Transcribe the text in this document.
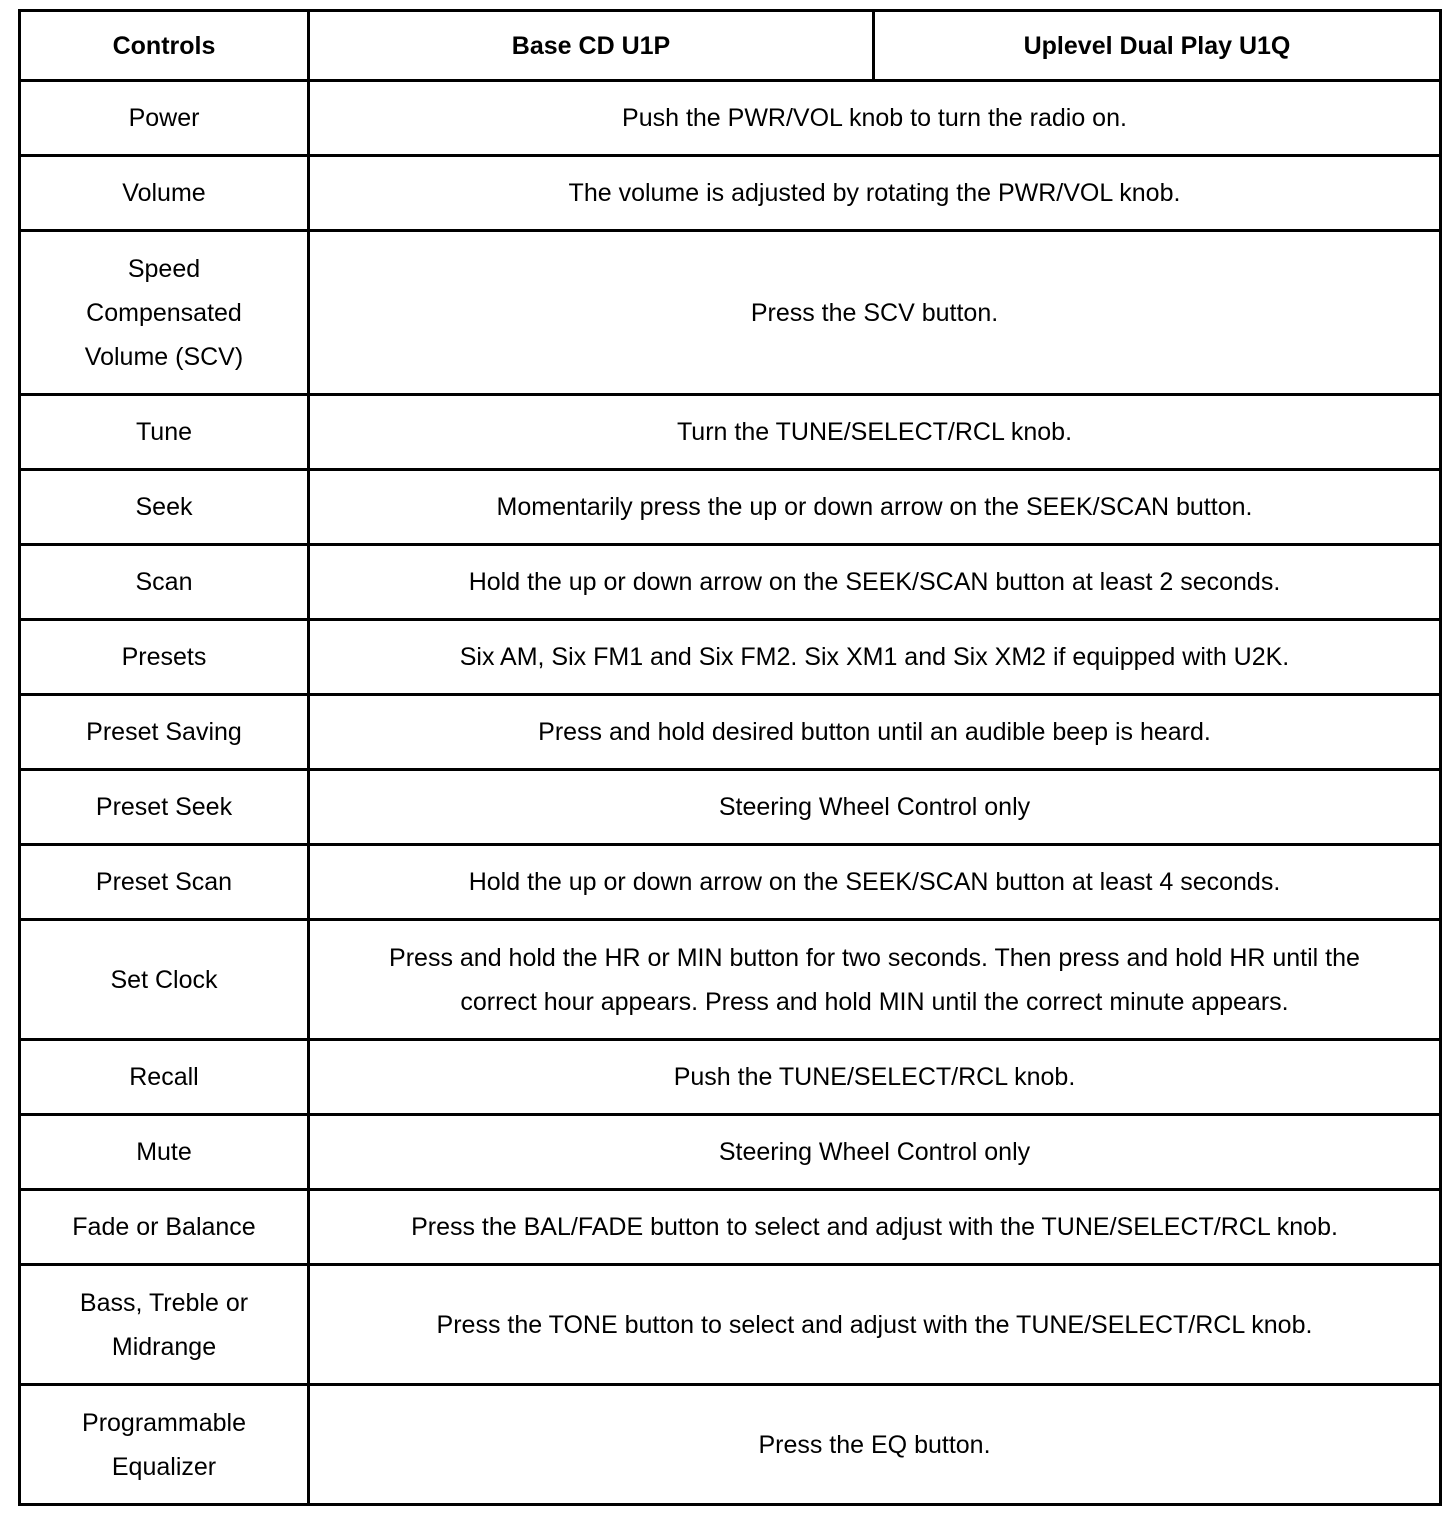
Controls	Base CD U1P	Uplevel Dual Play U1Q
Power	Push the PWR/VOL knob to turn the radio on.	
Volume	The volume is adjusted by rotating the PWR/VOL knob.	
Speed Compensated Volume (SCV)	Press the SCV button.	
Tune	Turn the TUNE/SELECT/RCL knob.	
Seek	Momentarily press the up or down arrow on the SEEK/SCAN button.	
Scan	Hold the up or down arrow on the SEEK/SCAN button at least 2 seconds.	
Presets	Six AM, Six FM1 and Six FM2. Six XM1 and Six XM2 if equipped with U2K.	
Preset Saving	Press and hold desired button until an audible beep is heard.	
Preset Seek	Steering Wheel Control only	
Preset Scan	Hold the up or down arrow on the SEEK/SCAN button at least 4 seconds.	
Set Clock	Press and hold the HR or MIN button for two seconds. Then press and hold HR until the correct hour appears. Press and hold MIN until the correct minute appears.	
Recall	Push the TUNE/SELECT/RCL knob.	
Mute	Steering Wheel Control only	
Fade or Balance	Press the BAL/FADE button to select and adjust with the TUNE/SELECT/RCL knob.	
Bass, Treble or Midrange	Press the TONE button to select and adjust with the TUNE/SELECT/RCL knob.	
Programmable Equalizer	Press the EQ button.	
